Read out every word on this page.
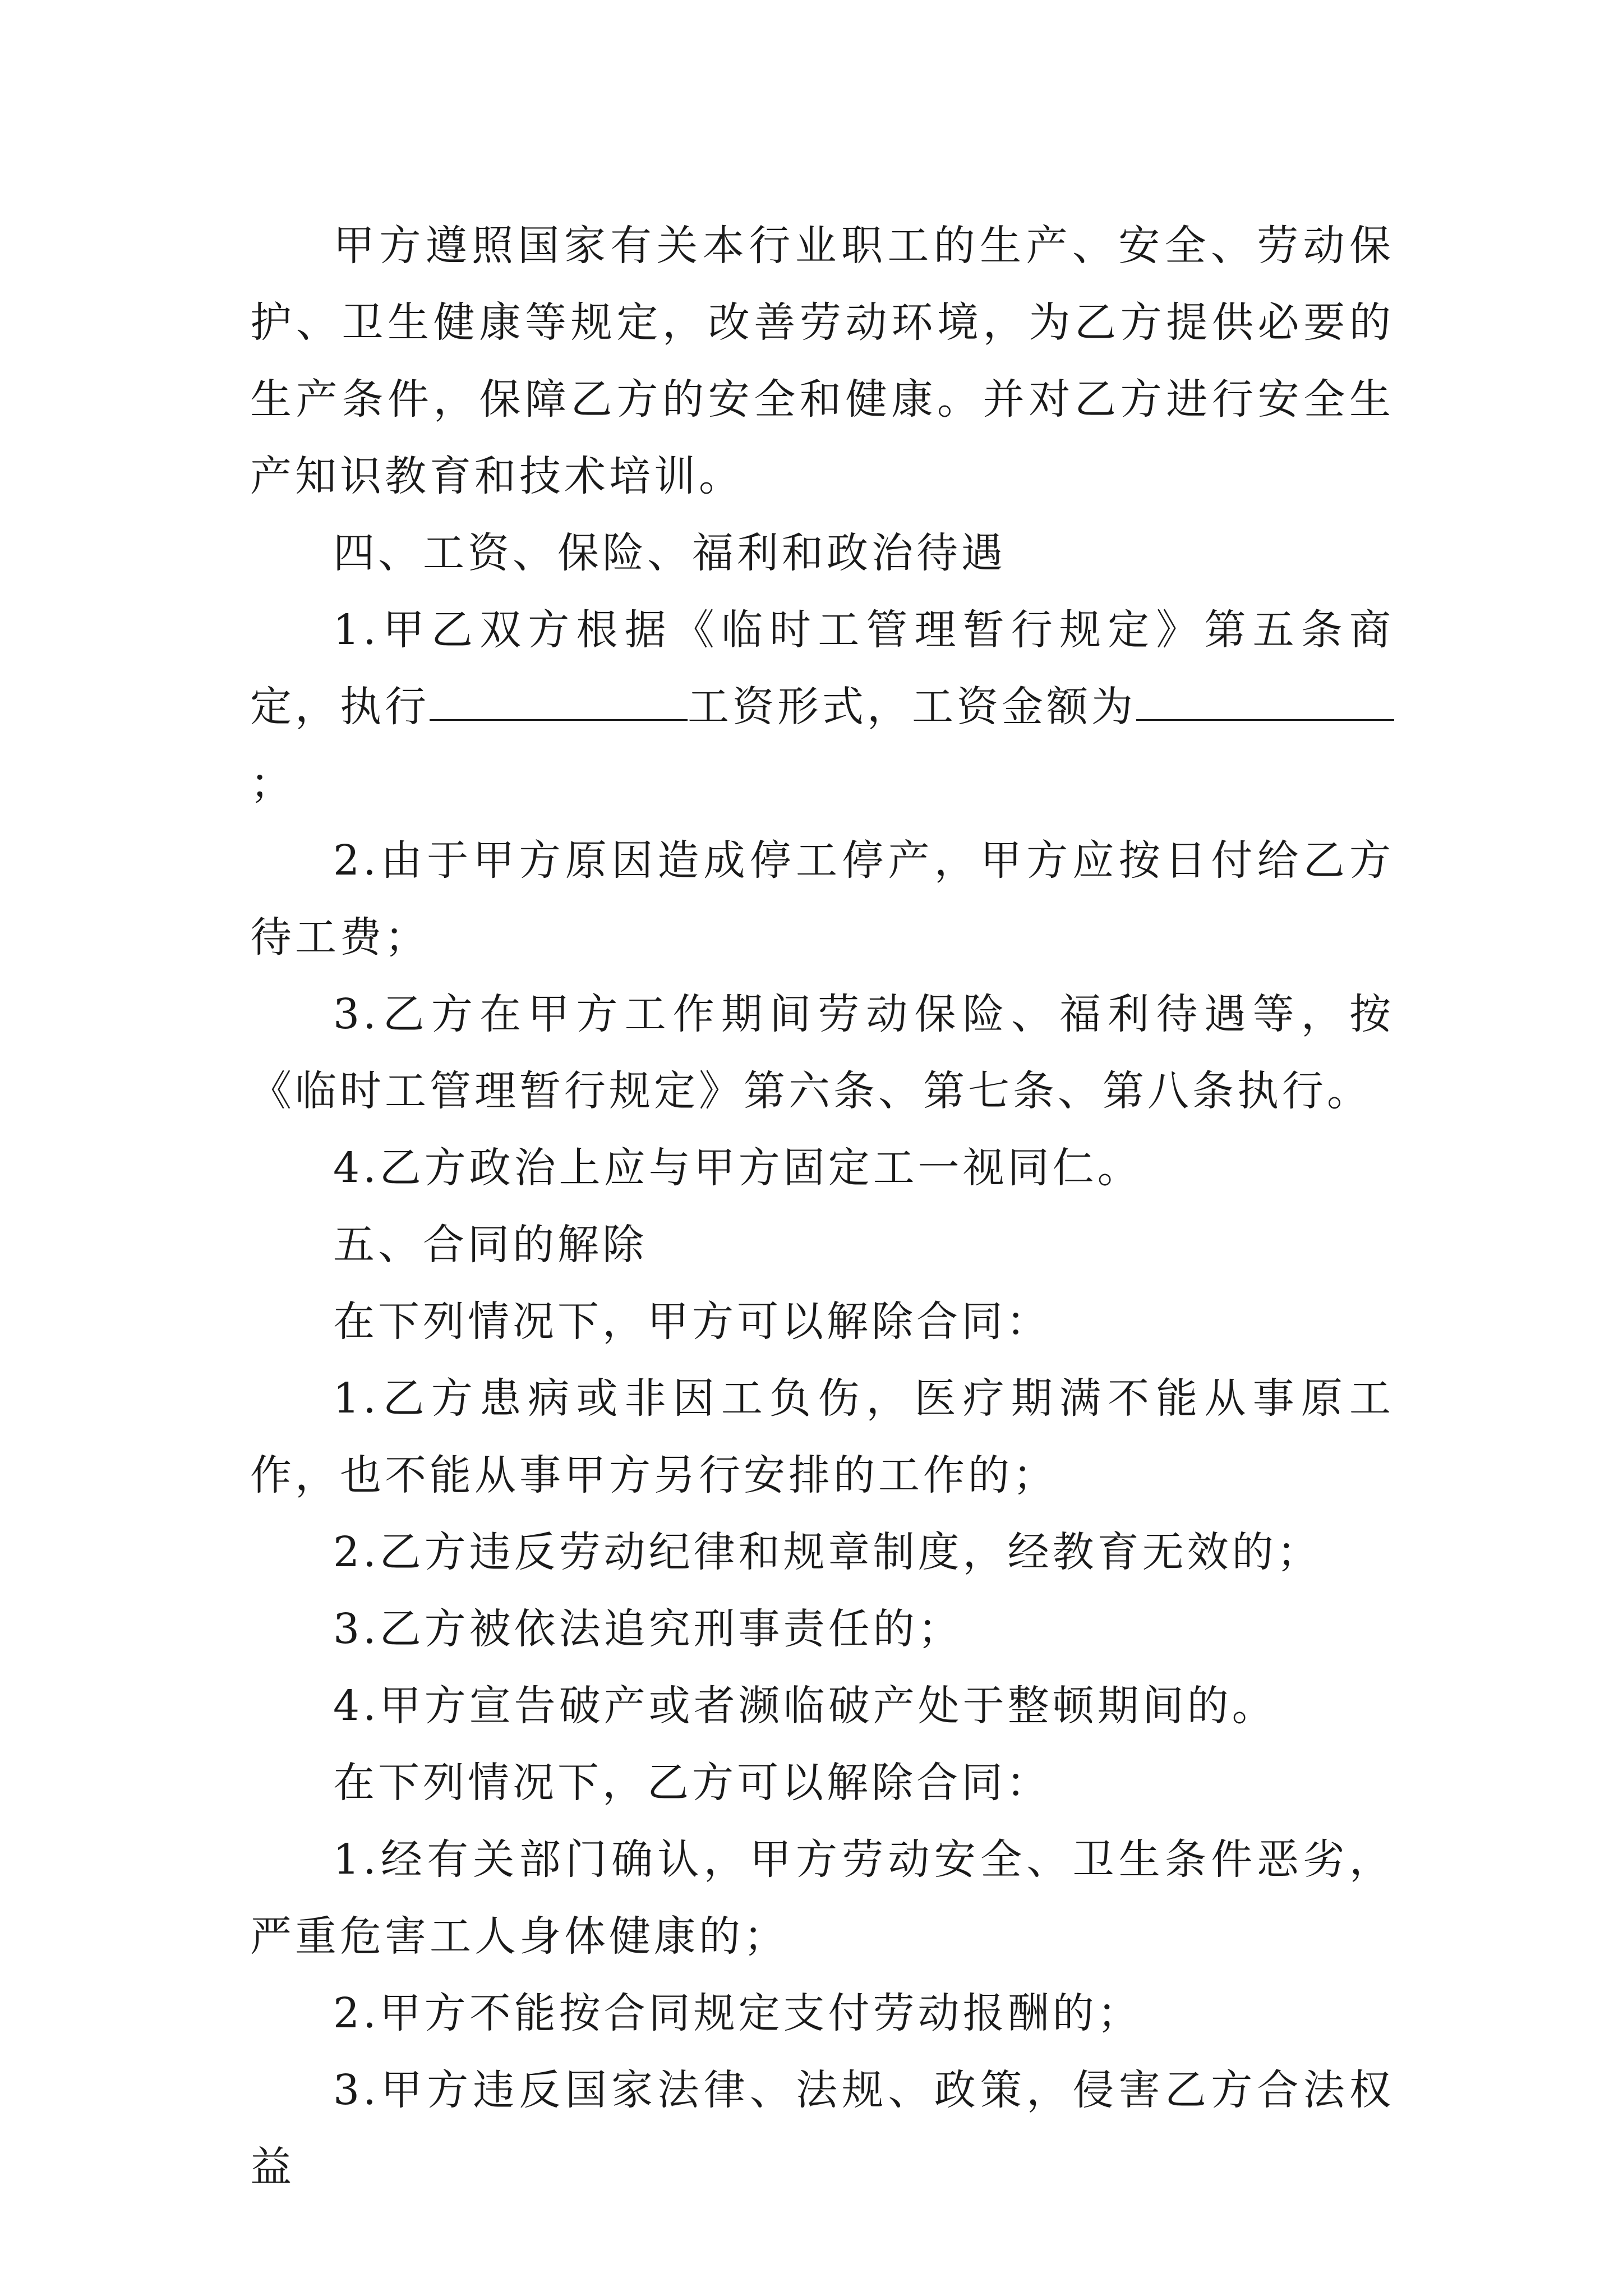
甲方遵照国家有关本行业职工的生产、安全、劳动保护、卫生健康等规定，改善劳动环境，为乙方提供必要的生产条件，保障乙方的安全和健康。并对乙方进行安全生产知识教育和技术培训。

四、工资、保险、福利和政治待遇

1.甲乙双方根据《临时工管理暂行规定》第五条商定，执行	工资形式，工资金额为；

2.由于甲方原因造成停工停产，甲方应按日付给乙方待工费；

3.乙方在甲方工作期间劳动保险、福利待遇等，按《临时工管理暂行规定》第六条、第七条、第八条执行。

4.乙方政治上应与甲方固定工一视同仁。

五、合同的解除

在下列情况下，甲方可以解除合同：

1.乙方患病或非因工负伤，医疗期满不能从事原工作，也不能从事甲方另行安排的工作的；

2.乙方违反劳动纪律和规章制度，经教育无效的；

3.乙方被依法追究刑事责任的；

4.甲方宣告破产或者濒临破产处于整顿期间的。

在下列情况下，乙方可以解除合同：

1.经有关部门确认，甲方劳动安全、卫生条件恶劣，严重危害工人身体健康的；

2.甲方不能按合同规定支付劳动报酬的；

3.甲方违反国家法律、法规、政策，侵害乙方合法权益
